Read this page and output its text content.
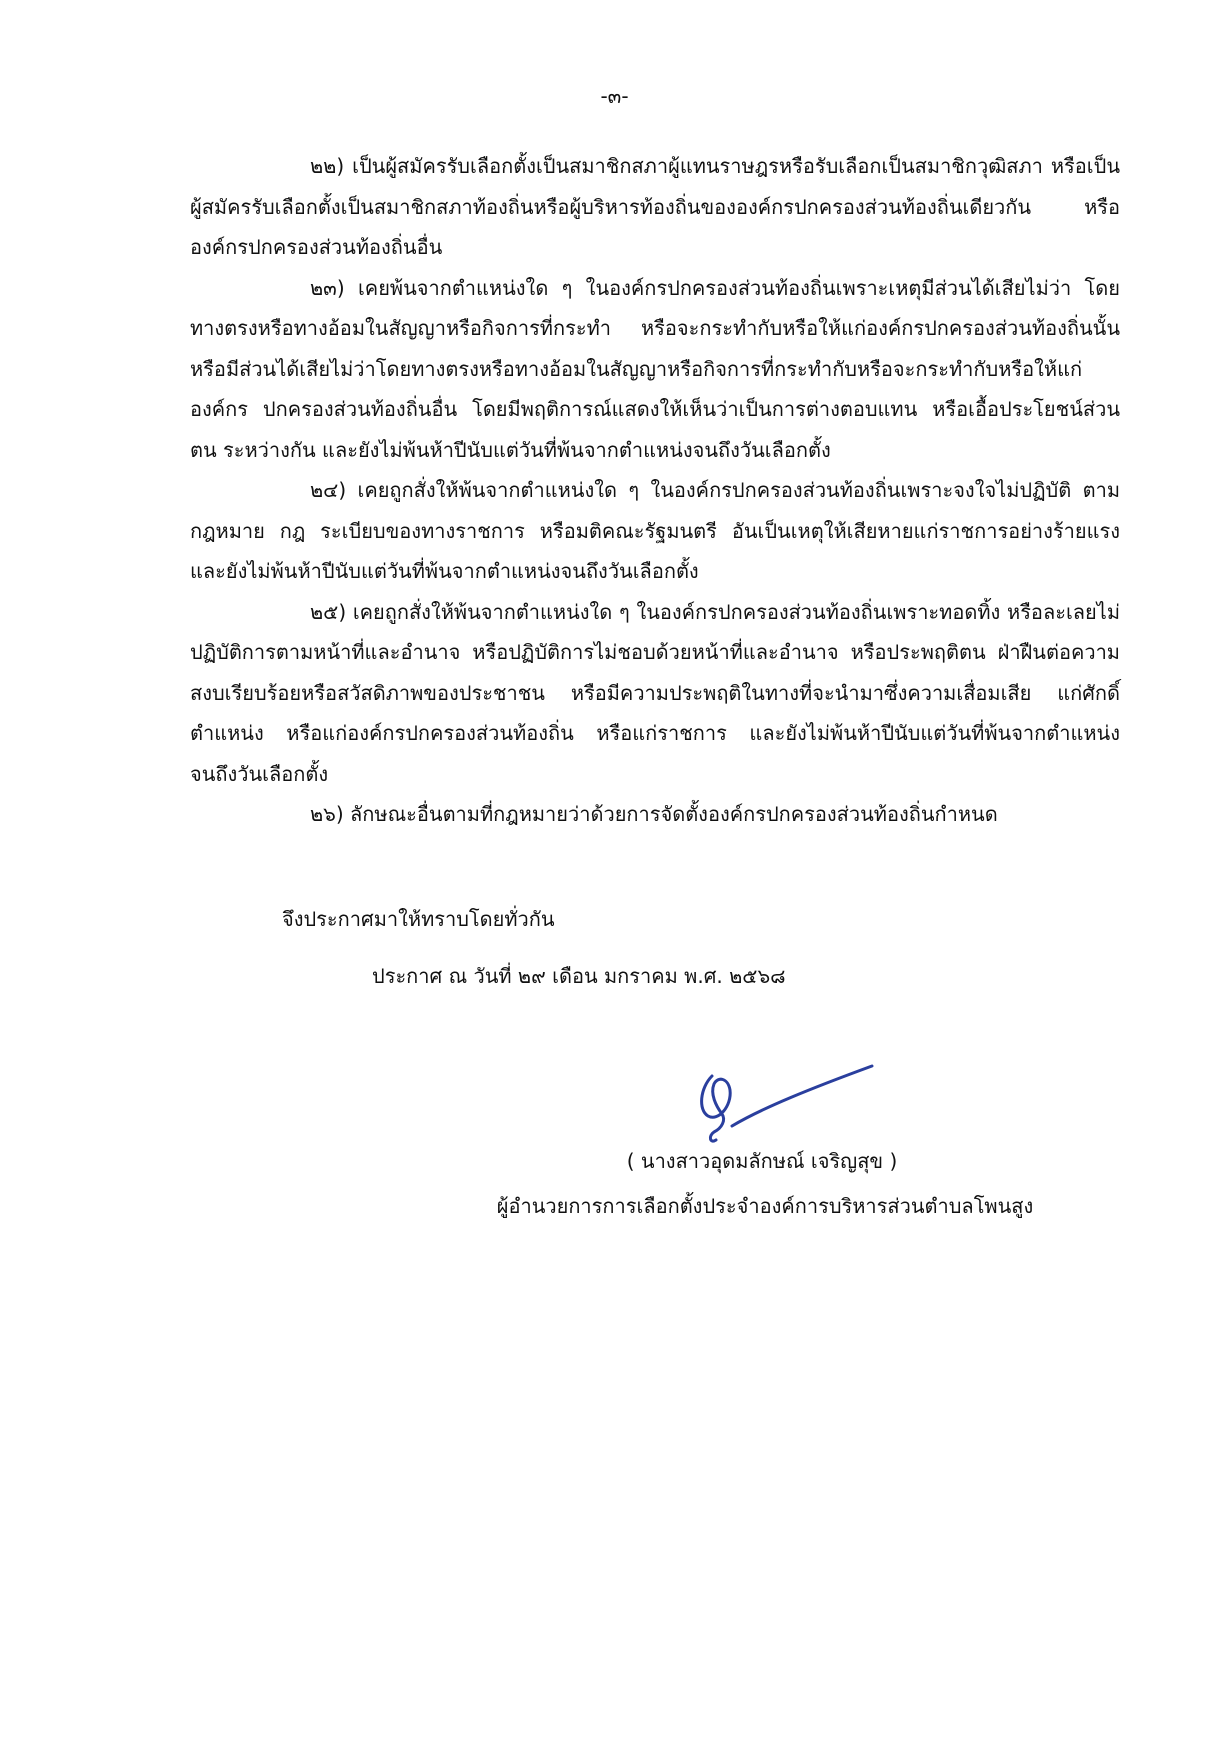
-๓-

๒๒) เป็นผู้สมัครรับเลือกตั้งเป็นสมาชิกสภาผู้แทนราษฎรหรือรับเลือกเป็นสมาชิกวุฒิสภา หรือเป็นผู้สมัครรับเลือกตั้งเป็นสมาชิกสภาท้องถิ่นหรือผู้บริหารท้องถิ่นขององค์กรปกครองส่วนท้องถิ่นเดียวกัน หรือองค์กรปกครองส่วนท้องถิ่นอื่น

๒๓) เคยพ้นจากตำแหน่งใด ๆ ในองค์กรปกครองส่วนท้องถิ่นเพราะเหตุมีส่วนได้เสียไม่ว่า โดยทางตรงหรือทางอ้อมในสัญญาหรือกิจการที่กระทำ หรือจะกระทำกับหรือให้แก่องค์กรปกครองส่วนท้องถิ่นนั้น หรือมีส่วนได้เสียไม่ว่าโดยทางตรงหรือทางอ้อมในสัญญาหรือกิจการที่กระทำกับหรือจะกระทำกับหรือให้แก่องค์กร ปกครองส่วนท้องถิ่นอื่น โดยมีพฤติการณ์แสดงให้เห็นว่าเป็นการต่างตอบแทน หรือเอื้อประโยชน์ส่วนตน ระหว่างกัน และยังไม่พ้นห้าปีนับแต่วันที่พ้นจากตำแหน่งจนถึงวันเลือกตั้ง

๒๔) เคยถูกสั่งให้พ้นจากตำแหน่งใด ๆ ในองค์กรปกครองส่วนท้องถิ่นเพราะจงใจไม่ปฏิบัติ ตามกฎหมาย กฎ ระเบียบของทางราชการ หรือมติคณะรัฐมนตรี อันเป็นเหตุให้เสียหายแก่ราชการอย่างร้ายแรง และยังไม่พ้นห้าปีนับแต่วันที่พ้นจากตำแหน่งจนถึงวันเลือกตั้ง

๒๕) เคยถูกสั่งให้พ้นจากตำแหน่งใด ๆ ในองค์กรปกครองส่วนท้องถิ่นเพราะทอดทิ้ง หรือละเลยไม่ปฏิบัติการตามหน้าที่และอำนาจ หรือปฏิบัติการไม่ชอบด้วยหน้าที่และอำนาจ หรือประพฤติตน ฝ่าฝืนต่อความสงบเรียบร้อยหรือสวัสดิภาพของประชาชน หรือมีความประพฤติในทางที่จะนำมาซึ่งความเสื่อมเสีย แก่ศักดิ์ตำแหน่ง หรือแก่องค์กรปกครองส่วนท้องถิ่น หรือแก่ราชการ และยังไม่พ้นห้าปีนับแต่วันที่พ้นจากตำแหน่ง จนถึงวันเลือกตั้ง

๒๖) ลักษณะอื่นตามที่กฎหมายว่าด้วยการจัดตั้งองค์กรปกครองส่วนท้องถิ่นกำหนด

จึงประกาศมาให้ทราบโดยทั่วกัน
ประกาศ ณ วันที่ ๒๙ เดือน มกราคม พ.ศ. ๒๕๖๘
( นางสาวอุดมลักษณ์ เจริญสุข )
ผู้อำนวยการการเลือกตั้งประจำองค์การบริหารส่วนตำบลโพนสูง
